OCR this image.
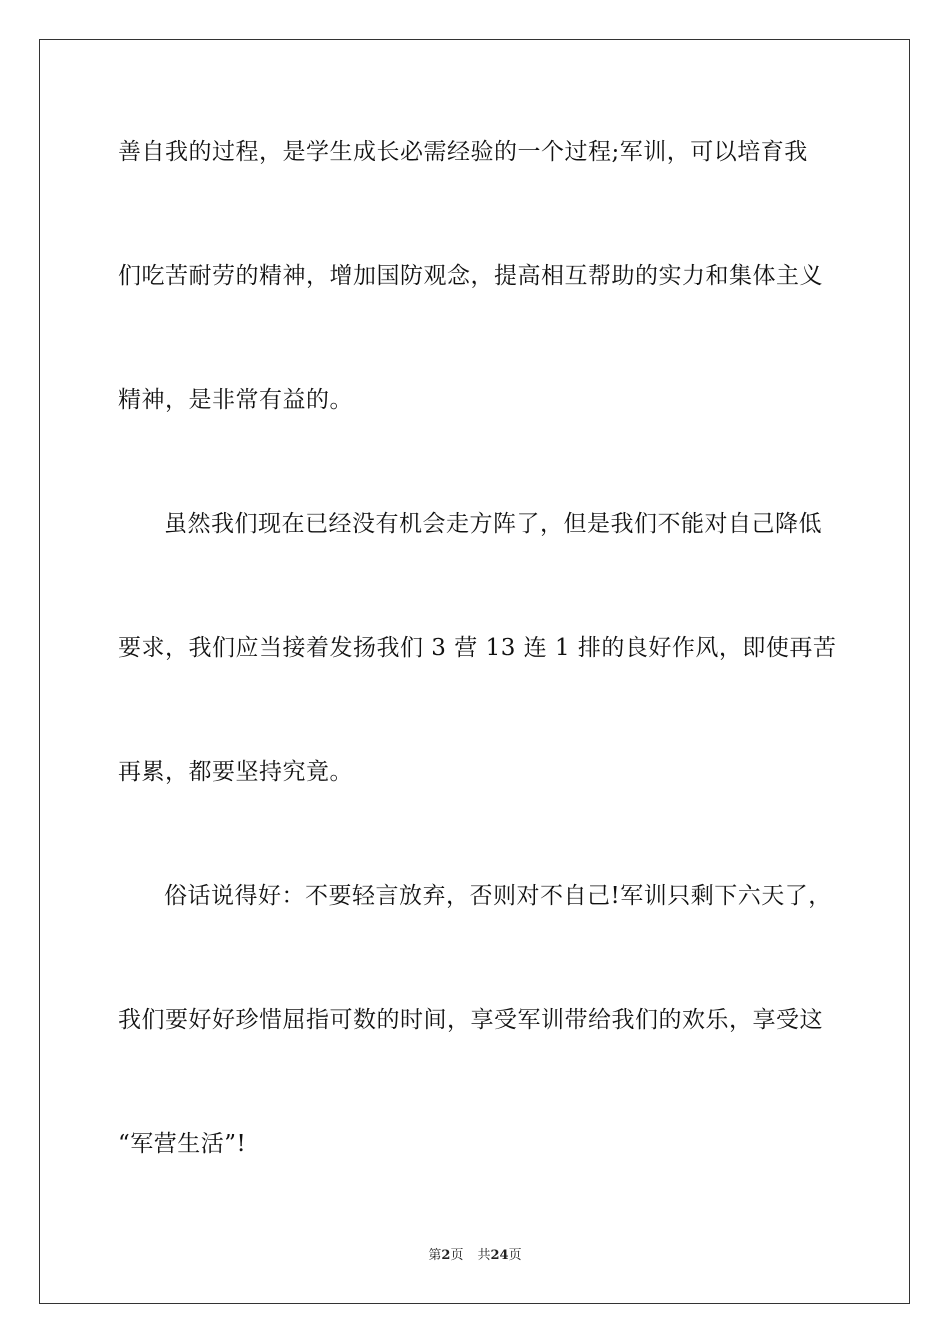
善自我的过程，是学生成长必需经验的一个过程;军训，可以培育我
们吃苦耐劳的精神，增加国防观念，提高相互帮助的实力和集体主义
精神，是非常有益的。
虽然我们现在已经没有机会走方阵了，但是我们不能对自己降低
要求，我们应当接着发扬我们 3 营 13 连 1 排的良好作风，即使再苦
再累，都要坚持究竟。
俗话说得好：不要轻言放弃，否则对不自己!军训只剩下六天了，
我们要好好珍惜屈指可数的时间，享受军训带给我们的欢乐，享受这
“军营生活”!
第2页 共24页
